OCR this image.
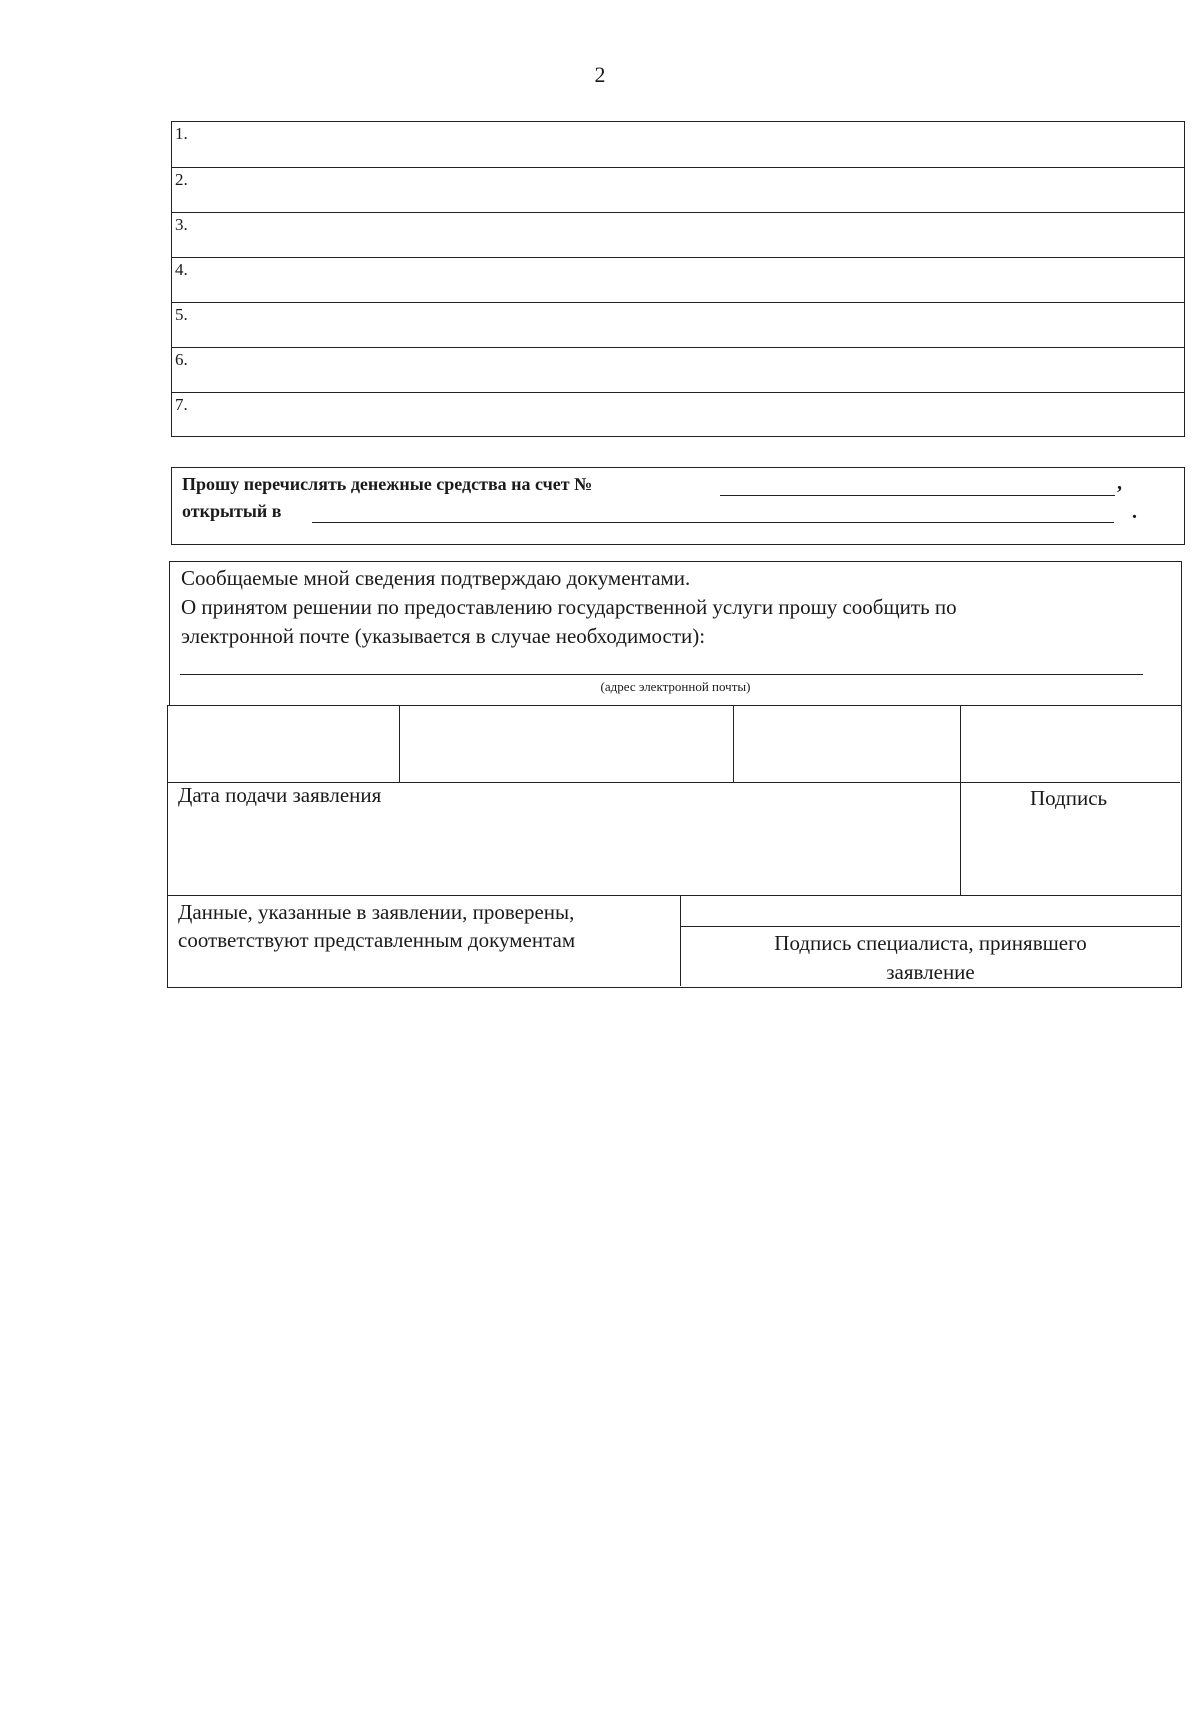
2
1.
2.
3.
4.
5.
6.
7.
Прошу перечислять денежные средства на счет №	,
открытый в	.
Сообщаемые мной сведения подтверждаю документами.
О принятом решении по предоставлению государственной услуги прошу сообщить по
электронной почте (указывается в случае необходимости):
(адрес электронной почты)
Дата подачи заявления	Подпись
Данные, указанные в заявлении, проверены,
соответствуют представленным документам	Подпись специалиста, принявшего
заявление
